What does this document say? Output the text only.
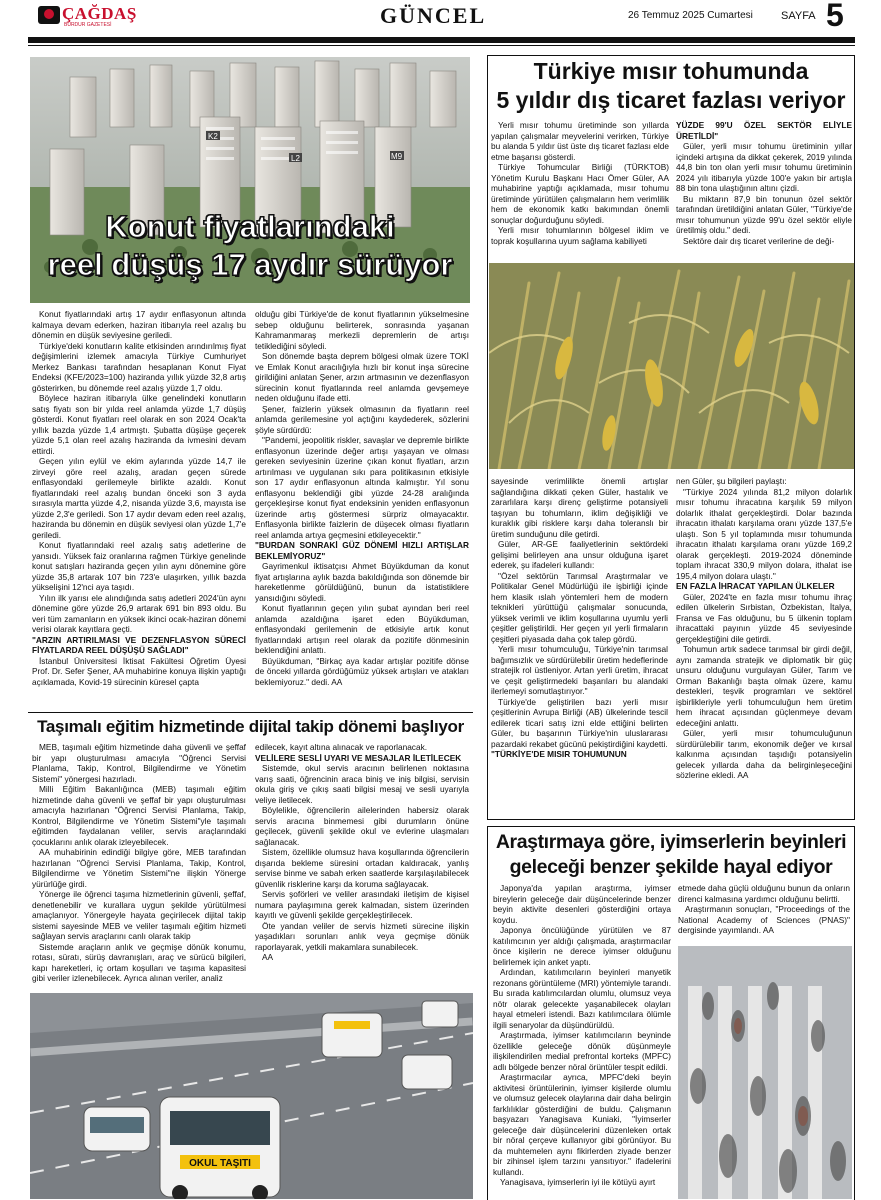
ÇAĞDAŞ
BURDUR GAZETESİ	GÜNCEL	26 Temmuz 2025 Cumartesi	SAYFA 5
K2
L2	M9
Konut fiyatlarındaki
reel düşüş 17 aydır sürüyor

Konut fiyatlarındaki artış 17 aydır enflasyonun altında kalmaya devam ederken, haziran itibarıyla reel azalış bu dönemin en düşük seviyesine geriledi.

Türkiye'deki konutların kalite etkisinden arındırılmış fiyat değişimlerini izlemek amacıyla Türkiye Cumhuriyet Merkez Bankası tarafından hesaplanan Konut Fiyat Endeksi (KFE/2023=100) haziranda yıllık yüzde 32,8 artış gösterirken, bu dönemde reel azalış yüzde 1,7 oldu.

Böylece haziran itibarıyla ülke genelindeki konutların satış fiyatı son bir yılda reel anlamda yüzde 1,7 düşüş gösterdi. Konut fiyatları reel olarak en son 2024 Ocak'ta yıllık bazda yüzde 1,4 artmıştı. Şubatta düşüşe geçerek yüzde 5,1 olan reel azalış haziranda da ivmesini devam ettirdi.

Geçen yılın eylül ve ekim aylarında yüzde 14,7 ile zirveyi göre reel azalış, aradan geçen sürede enflasyondaki gerilemeyle birlikte azaldı. Konut fiyatlarındaki reel azalış bundan önceki son 3 ayda sırasıyla martta yüzde 4,2, nisanda yüzde 3,6, mayısta ise yüzde 2,3'e geriledi. Son 17 aydır devam eden reel azalış, haziranda bu dönemin en düşük seviyesi olan yüzde 1,7'e geriledi.

Konut fiyatlarındaki reel azalış satış adetlerine de yansıdı. Yüksek faiz oranlarına rağmen Türkiye genelinde konut satışları haziranda geçen yılın aynı dönemine göre yüzde 35,8 artarak 107 bin 723'e ulaşırken, yıllık bazda yükselişini 12'nci aya taşıdı.

Yılın ilk yarısı ele alındığında satış adetleri 2024'ün aynı dönemine göre yüzde 26,9 artarak 691 bin 893 oldu. Bu veri tüm zamanların en yüksek ikinci ocak-haziran dönemi verisi olarak kayıtlara geçti.

"ARZIN ARTIRILMASI VE DEZENFLASYON SÜRECİ FİYATLARDA REEL DÜŞÜŞÜ SAĞLADI"

İstanbul Üniversitesi İktisat Fakültesi Öğretim Üyesi Prof. Dr. Sefer Şener, AA muhabirine konuya ilişkin yaptığı açıklamada, Kovid-19 sürecinin küresel çapta

olduğu gibi Türkiye'de de konut fiyatlarının yükselmesine sebep olduğunu belirterek, sonrasında yaşanan Kahramanmaraş merkezli depremlerin de artışı tetiklediğini söyledi.

Son dönemde başta deprem bölgesi olmak üzere TOKİ ve Emlak Konut aracılığıyla hızlı bir konut inşa sürecine girildiğini anlatan Şener, arzın artmasının ve dezenflasyon sürecinin konut fiyatlarında reel anlamda gevşemeye neden olduğunu ifade etti.

Şener, faizlerin yüksek olmasının da fiyatların reel anlamda gerilemesine yol açtığını kaydederek, sözlerini şöyle sürdürdü:

"Pandemi, jeopolitik riskler, savaşlar ve depremle birlikte enflasyonun üzerinde değer artışı yaşayan ve olması gereken seviyesinin üzerine çıkan konut fiyatları, arzın artırılması ve uygulanan sıkı para politikasının etkisiyle son 17 aydır enflasyonun altında kalmıştır. Yıl sonu enflasyonu beklendiği gibi yüzde 24-28 aralığında gerçekleşirse konut fiyat endeksinin yeniden enflasyonun üzerinde artış göstermesi sürpriz olmayacaktır. Enflasyonla birlikte faizlerin de düşecek olması fiyatların reel anlamda artıya geçmesini etkileyecektir."

"BURDAN SONRAKİ GÜZ DÖNEMİ HIZLI ARTIŞLAR BEKLEMİYORUZ"

Gayrimenkul iktisatçısı Ahmet Büyükduman da konut fiyat artışlarına aylık bazda bakıldığında son dönemde bir hareketlenme görüldüğünü, bunun da istatistiklere yansıdığını söyledi.

Konut fiyatlarının geçen yılın şubat ayından beri reel anlamda azaldığına işaret eden Büyükduman, enflasyondaki gerilemenin de etkisiyle artık konut fiyatlarındaki artışın reel olarak da pozitife dönmesinin beklendiğini anlattı.

Büyükduman, "Birkaç aya kadar artışlar pozitife dönse de önceki yıllarda gördüğümüz yüksek artışları ve atakları beklemiyoruz." dedi. AA

Türkiye mısır tohumunda
5 yıldır dış ticaret fazlası veriyor

Yerli mısır tohumu üretiminde son yıllarda yapılan çalışmalar meyvelerini verirken, Türkiye bu alanda 5 yıldır üst üste dış ticaret fazlası elde etme başarısı gösterdi.

Türkiye Tohumcular Birliği (TÜRKTOB) Yönetim Kurulu Başkanı Hacı Ömer Güler, AA muhabirine yaptığı açıklamada, mısır tohumu üretiminde yürütülen çalışmaların hem verimlilik hem de ekonomik katkı bakımından önemli sonuçlar doğurduğunu söyledi.

Yerli mısır tohumlarının bölgesel iklim ve toprak koşullarına uyum sağlama kabiliyeti

YÜZDE 99'U ÖZEL SEKTÖR ELİYLE ÜRETİLDİ"

Güler, yerli mısır tohumu üretiminin yıllar içindeki artışına da dikkat çekerek, 2019 yılında 44,8 bin ton olan yerli mısır tohumu üretiminin 2024 yılı itibarıyla yüzde 100'e yakın bir artışla 88 bin tona ulaştığının altını çizdi.

Bu miktarın 87,9 bin tonunun özel sektör tarafından üretildiğini anlatan Güler, "Türkiye'de mısır tohumunun yüzde 99'u özel sektör eliyle üretilmiş oldu." dedi.

Sektöre dair dış ticaret verilerine de deği-

sayesinde verimlilikte önemli artışlar sağlandığına dikkati çeken Güler, hastalık ve zararlılara karşı direnç geliştirme potansiyeli taşıyan bu tohumların, iklim değişikliği ve kuraklık gibi risklere karşı daha toleranslı bir üretim sunduğunu dile getirdi.

Güler, AR-GE faaliyetlerinin sektördeki gelişimi belirleyen ana unsur olduğuna işaret ederek, şu ifadeleri kullandı:

"Özel sektörün Tarımsal Araştırmalar ve Politikalar Genel Müdürlüğü ile işbirliği içinde hem klasik ıslah yöntemleri hem de modern teknikleri yürüttüğü çalışmalar sonucunda, yüksek verimli ve iklim koşullarına uyumlu yerli çeşitler geliştirildi. Her geçen yıl yerli firmaların çeşitleri piyasada daha çok talep gördü.

Yerli mısır tohumculuğu, Türkiye'nin tarımsal bağımsızlık ve sürdürülebilir üretim hedeflerinde stratejik rol üstleniyor. Artan yerli üretim, ihracat ve çeşit geliştirmedeki başarıları bu alandaki ilerlemeyi somutlaştırıyor."

Türkiye'de geliştirilen bazı yerli mısır çeşitlerinin Avrupa Birliği (AB) ülkelerinde tescil edilerek ticari satış izni elde ettiğini belirten Güler, bu başarının Türkiye'nin uluslararası pazardaki rekabet gücünü pekiştirdiğini kaydetti.

"TÜRKİYE'DE MISIR TOHUMUNUN

nen Güler, şu bilgileri paylaştı:

"Türkiye 2024 yılında 81,2 milyon dolarlık mısır tohumu ihracatına karşılık 59 milyon dolarlık ithalat gerçekleştirdi. Dolar bazında ihracatın ithalatı karşılama oranı yüzde 137,5'e ulaştı. Son 5 yıl toplamında mısır tohumunda ihracatın ithalatı karşılama oranı yüzde 169,2 olarak gerçekleşti. 2019-2024 döneminde toplam ihracat 330,9 milyon dolara, ithalat ise 195,4 milyon dolara ulaştı."

EN FAZLA İHRACAT YAPILAN ÜLKELER

Güler, 2024'te en fazla mısır tohumu ihraç edilen ülkelerin Sırbistan, Özbekistan, İtalya, Fransa ve Fas olduğunu, bu 5 ülkenin toplam ihracattaki payının yüzde 45 seviyesinde gerçekleştiğini dile getirdi.

Tohumun artık sadece tarımsal bir girdi değil, aynı zamanda stratejik ve diplomatik bir güç unsuru olduğunu vurgulayan Güler, Tarım ve Orman Bakanlığı başta olmak üzere, kamu destekleri, teşvik programları ve sektörel işbirlikleriyle yerli tohumculuğun hem üretim hem ihracat açısından güçlenmeye devam edeceğini anlattı.

Güler, yerli mısır tohumculuğunun sürdürülebilir tarım, ekonomik değer ve kırsal kalkınma açısından taşıdığı potansiyelin gelecek yıllarda daha da belirginleşeceğini sözlerine ekledi. AA

Taşımalı eğitim hizmetinde dijital takip dönemi başlıyor

MEB, taşımalı eğitim hizmetinde daha güvenli ve şeffaf bir yapı oluşturulması amacıyla "Öğrenci Servisi Planlama, Takip, Kontrol, Bilgilendirme ve Yönetim Sistemi" yönergesi hazırladı.

Milli Eğitim Bakanlığınca (MEB) taşımalı eğitim hizmetinde daha güvenli ve şeffaf bir yapı oluşturulması amacıyla hazırlanan "Öğrenci Servisi Planlama, Takip, Kontrol, Bilgilendirme ve Yönetim Sistemi"yle taşımalı eğitimden faydalanan veliler, servis araçlarındaki çocuklarını anlık olarak izleyebilecek.

AA muhabirinin edindiği bilgiye göre, MEB tarafından hazırlanan "Öğrenci Servisi Planlama, Takip, Kontrol, Bilgilendirme ve Yönetim Sistemi"ne ilişkin Yönerge yürürlüğe girdi.

Yönerge ile öğrenci taşıma hizmetlerinin güvenli, şeffaf, denetlenebilir ve kurallara uygun şekilde yürütülmesi amaçlanıyor. Yönergeyle hayata geçirilecek dijital takip sistemi sayesinde MEB ve veliler taşımalı eğitim hizmeti sağlayan servis araçlarını canlı olarak takip

Sistemde araçların anlık ve geçmişe dönük konumu, rotası, süratı, sürüş davranışları, araç ve sürücü bilgileri, kapı hareketleri, iç ortam koşulları ve taşıma kapasitesi gibi veriler izlenebilecek. Ayrıca alınan veriler, analiz

edilecek, kayıt altına alınacak ve raporlanacak.

VELİLERE SESLİ UYARI VE MESAJLAR İLETİLECEK

Sistemde, okul servis aracının belirlenen noktasına varış saati, öğrencinin araca biniş ve iniş bilgisi, servisin okula giriş ve çıkış saati bilgisi mesaj ve sesli uyarıyla veliye iletilecek.

Böylelikle, öğrencilerin ailelerinden habersiz olarak servis aracına binmemesi gibi durumların önüne geçilecek, güvenli şekilde okul ve evlerine ulaşmaları sağlanacak.

Sistem, özellikle olumsuz hava koşullarında öğrencilerin dışarıda bekleme süresini ortadan kaldıracak, yanlış servise binme ve sabah erken saatlerde karşılaşılabilecek güvenlik risklerine karşı da koruma sağlayacak.

Servis şoförleri ve veliler arasındaki iletişim de kişisel numara paylaşımına gerek kalmadan, sistem üzerinden kayıtlı ve güvenli şekilde gerçekleştirilecek.

Öte yandan veliler de servis hizmeti sürecine ilişkin yaşadıkları sorunları anlık veya geçmişe dönük raporlayarak, yetkili makamlara sunabilecek.

AA

OKUL TAŞITI
Araştırmaya göre, iyimserlerin beyinleri
geleceği benzer şekilde hayal ediyor

Japonya'da yapılan araştırma, iyimser bireylerin geleceğe dair düşüncelerinde benzer beyin aktivite desenleri gösterdiğini ortaya koydu.

Japonya öncülüğünde yürütülen ve 87 katılımcının yer aldığı çalışmada, araştırmacılar önce kişilerin ne derece iyimser olduğunu belirlemek için anket yaptı.

Ardından, katılımcıların beyinleri manyetik rezonans görüntüleme (MRI) yöntemiyle tarandı. Bu sırada katılımcılardan olumlu, olumsuz veya nötr olarak gelecekte yaşanabilecek olayları hayal etmeleri istendi. Bazı katılımcılara ölümle ilgili senaryolar da düşündürüldü.

Araştırmada, iyimser katılımcıların beyninde özellikle geleceğe dönük düşünmeyle ilişkilendirilen medial prefrontal korteks (MPFC) adlı bölgede benzer nöral örüntüler tespit edildi.

Araştırmacılar ayrıca, MPFC'deki beyin aktivitesi örüntülerinin, iyimser kişilerde olumlu ve olumsuz gelecek olaylarına dair daha belirgin farklılıklar gösterdiğini de buldu. Çalışmanın başyazarı Yanagisava Kuniaki, "İyimserler geleceğe dair düşüncelerini düzenleken ortak bir nöral çerçeve kullanıyor gibi görünüyor. Bu da muhtemelen aynı fikirlerden ziyade benzer bir zihinsel işlem tarzını yansıtıyor." ifadelerini kullandı.

Yanagisava, iyimserlerin iyi ile kötüyü ayırt

etmede daha güçlü olduğunu bunun da onların direnci kalmasına yardımcı olduğunu belirtti.

Araştırmanın sonuçları, "Proceedings of the National Academy of Sciences (PNAS)" dergisinde yayımlandı. AA
